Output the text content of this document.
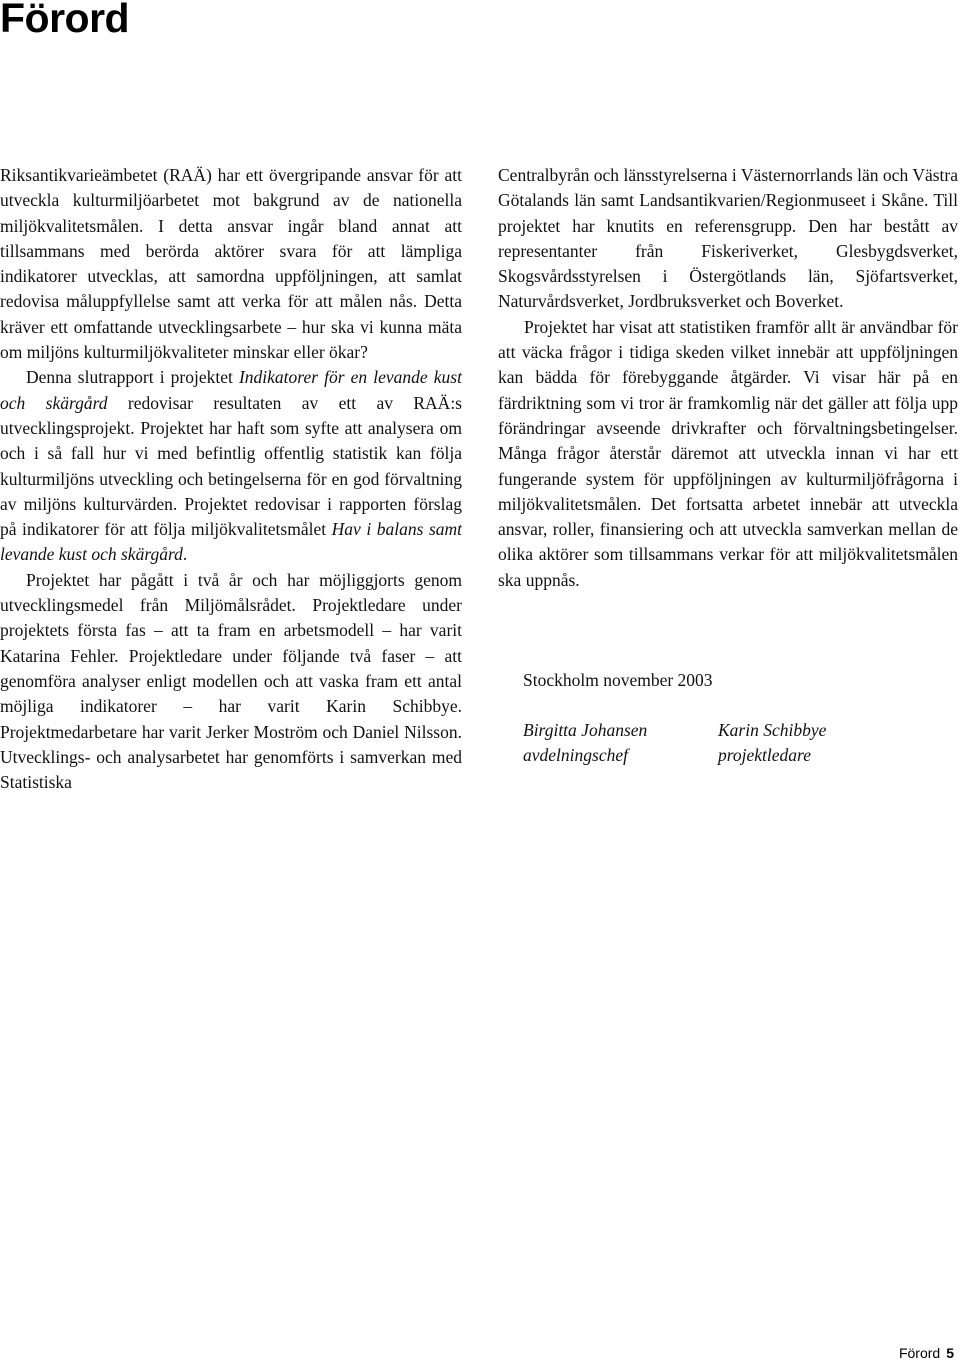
Förord

Riksantikvarieämbetet (RAÄ) har ett övergripande ansvar för att utveckla kulturmiljöarbetet mot bakgrund av de nationella miljökvalitetsmålen. I detta ansvar ingår bland annat att tillsammans med berörda aktörer svara för att lämpliga indikatorer utvecklas, att samordna uppföljningen, att samlat redovisa måluppfyllelse samt att verka för att målen nås. Detta kräver ett omfattande utvecklingsarbete – hur ska vi kunna mäta om miljöns kulturmiljökvaliteter minskar eller ökar?

Denna slutrapport i projektet Indikatorer för en levande kust och skärgård redovisar resultaten av ett av RAÄ:s utvecklingsprojekt. Projektet har haft som syfte att analysera om och i så fall hur vi med befintlig offentlig statistik kan följa kulturmiljöns utveckling och betingelserna för en god förvaltning av miljöns kulturvärden. Projektet redovisar i rapporten förslag på indikatorer för att följa miljökvalitetsmålet Hav i balans samt levande kust och skärgård.

Projektet har pågått i två år och har möjliggjorts genom utvecklingsmedel från Miljömålsrådet. Projektledare under projektets första fas – att ta fram en arbetsmodell – har varit Katarina Fehler. Projektledare under följande två faser – att genomföra analyser enligt modellen och att vaska fram ett antal möjliga indikatorer – har varit Karin Schibbye. Projektmedarbetare har varit Jerker Moström och Daniel Nilsson. Utvecklings- och analysarbetet har genomförts i samverkan med Statistiska

Centralbyrån och länsstyrelserna i Västernorrlands län och Västra Götalands län samt Landsantikvarien/Regionmuseet i Skåne. Till projektet har knutits en referensgrupp. Den har bestått av representanter från Fiskeriverket, Glesbygdsverket, Skogsvårdsstyrelsen i Östergötlands län, Sjöfartsverket, Naturvårdsverket, Jordbruksverket och Boverket.

Projektet har visat att statistiken framför allt är användbar för att väcka frågor i tidiga skeden vilket innebär att uppföljningen kan bädda för förebyggande åtgärder. Vi visar här på en färdriktning som vi tror är framkomlig när det gäller att följa upp förändringar avseende drivkrafter och förvaltningsbetingelser. Många frågor återstår däremot att utveckla innan vi har ett fungerande system för uppföljningen av kulturmiljöfrågorna i miljökvalitetsmålen. Det fortsatta arbetet innebär att utveckla ansvar, roller, finansiering och att utveckla samverkan mellan de olika aktörer som tillsammans verkar för att miljökvalitetsmålen ska uppnås.

Stockholm november 2003

Birgitta Johansen
avdelningschef
Karin Schibbye
projektledare
Förord 5
